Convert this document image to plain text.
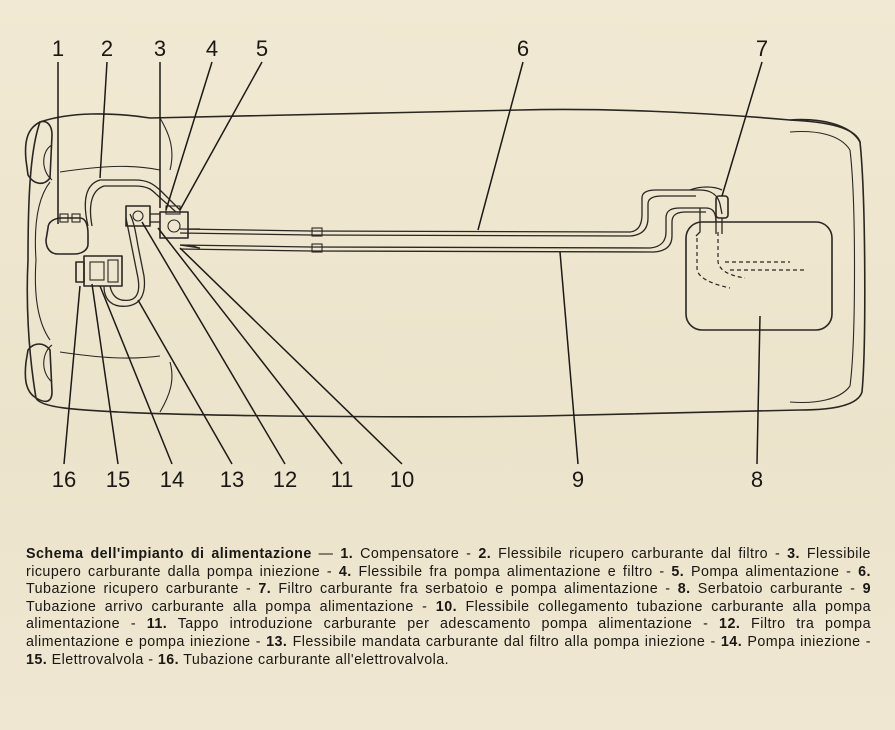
1 2 3 4 5	6	7
16 15 14 13 12 11 10	9	8
Schema dell'impianto di alimentazione — 1. Compensatore - 2. Flessibile ricupero carburante dal filtro - 3. Flessibile ricupero carburante dalla pompa iniezione - 4. Flessibile fra pompa alimentazione e filtro - 5. Pompa alimentazione - 6. Tubazione ricupero carburante - 7. Filtro carburante fra serbatoio e pompa alimentazione - 8. Serbatoio carburante - 9 Tubazione arrivo carburante alla pompa alimentazione - 10. Flessibile collegamento tubazione carburante alla pompa alimentazione - 11. Tappo introduzione carburante per adescamento pompa alimentazione - 12. Filtro tra pompa alimentazione e pompa iniezione - 13. Flessibile mandata carburante dal filtro alla pompa iniezione - 14. Pompa iniezione - 15. Elettrovalvola - 16. Tubazione carburante all'elettrovalvola.
